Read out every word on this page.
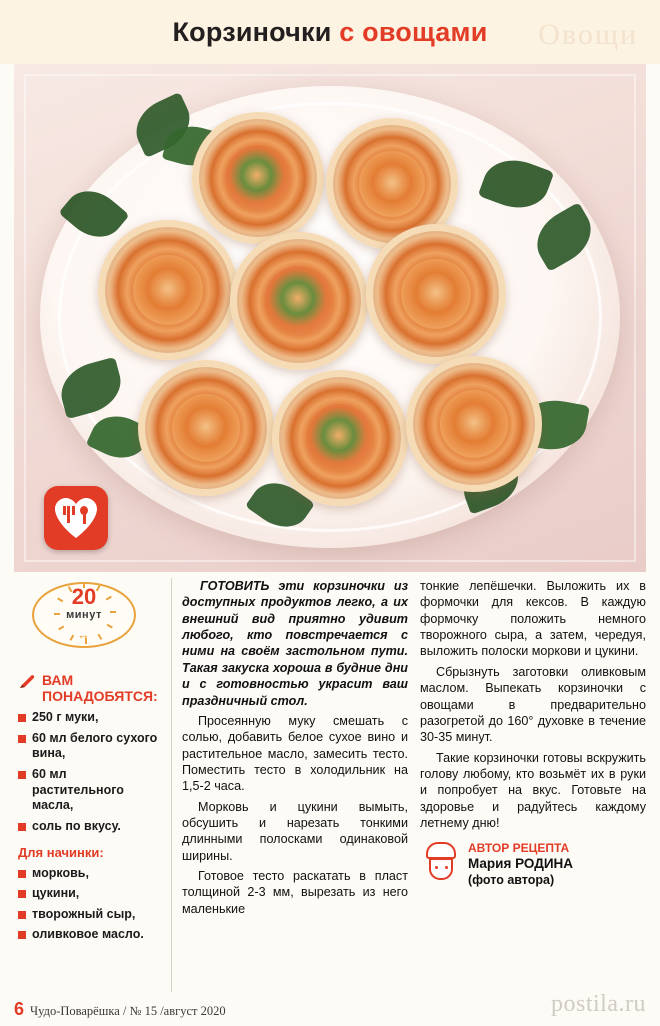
Овощи
Корзиночки с овощами
20
минут
↔
ВАМ
ПОНАДОБЯТСЯ:
250 г муки,
60 мл белого сухого вина,
60 мл растительного масла,
соль по вкусу.
Для начинки:
морковь,
цукини,
творожный сыр,
оливковое масло.

ГОТОВИТЬ эти корзиночки из доступных продуктов легко, а их внешний вид приятно удивит любого, кто повстречается с ними на своём застольном пути. Такая закуска хороша в будние дни и с готовностью украсит ваш праздничный стол.

Просеянную муку смешать с солью, добавить белое сухое вино и растительное масло, замесить тесто. Поместить тесто в холодильник на 1,5-2 часа.

Морковь и цукини вымыть, обсушить и нарезать тонкими длинными полосками одинаковой ширины.

Готовое тесто раскатать в пласт толщиной 2-3 мм, вырезать из него маленькие

тонкие лепёшечки. Выложить их в формочки для кексов. В каждую формочку положить немного творожного сыра, а затем, чередуя, выложить полоски моркови и цукини.

Сбрызнуть заготовки оливковым маслом. Выпекать корзиночки с овощами в предварительно разогретой до 160° духовке в течение 30-35 минут.

Такие корзиночки готовы вскружить голову любому, кто возьмёт их в руки и попробует на вкус. Готовьте на здоровье и радуйтесь каждому летнему дню!

АВТОР РЕЦЕПТА
Мария РОДИНА
(фото автора)
6 Чудо-Поварёшка / № 15 /август 2020	postila.ru
